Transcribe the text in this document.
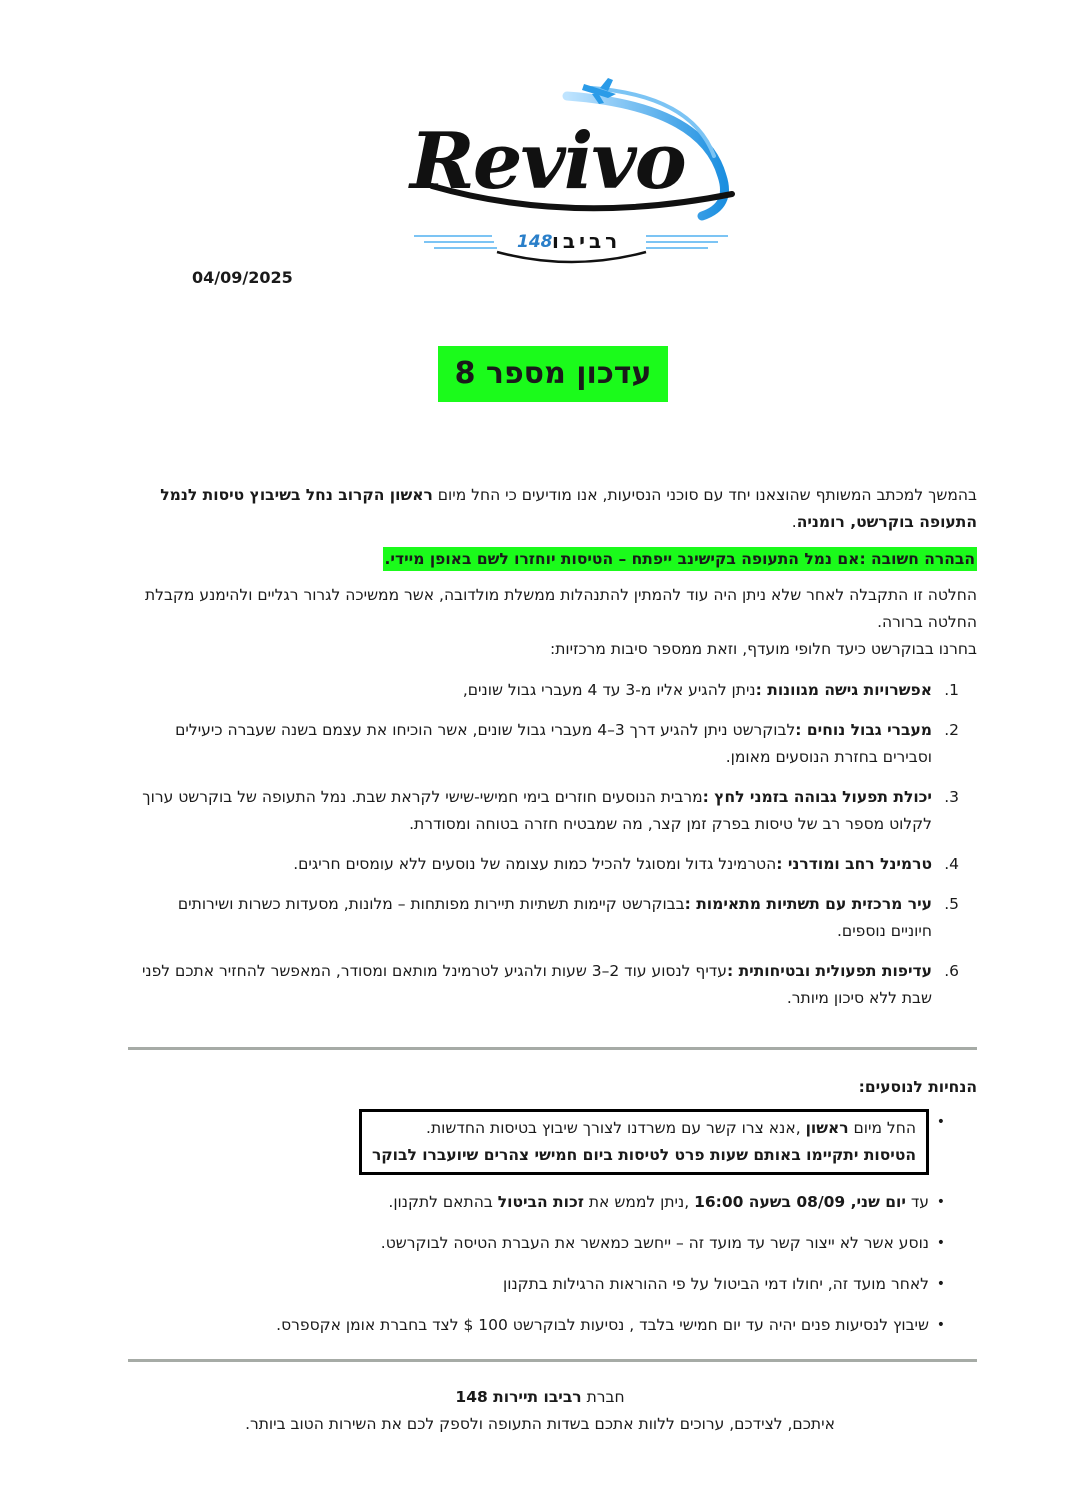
Revivo
148 רביבו
04/09/2025
עדכון מספר 8

בהמשך למכתב המשותף שהוצאנו יחד עם סוכני הנסיעות, אנו מודיעים כי החל מיום ראשון הקרוב נחל בשיבוץ טיסות לנמל התעופה בוקרשט, רומניה.

הבהרה חשובה :אם נמל התעופה בקישינב ייפתח – הטיסות יוחזרו לשם באופן מיידי.

החלטה זו התקבלה לאחר שלא ניתן היה עוד להמתין להתנהלות ממשלת מולדובה, אשר ממשיכה לגרור רגליים ולהימנע מקבלת החלטה ברורה.

בחרנו בבוקרשט כיעד חלופי מועדף, וזאת ממספר סיבות מרכזיות:

1.
אפשרויות גישה מגוונות :ניתן להגיע אליו מ-3 עד 4 מעברי גבול שונים,
2.
מעברי גבול נוחים :לבוקרשט ניתן להגיע דרך 3–4 מעברי גבול שונים, אשר הוכיחו את עצמם בשנה שעברה כיעילים וסבירים בחזרת הנוסעים מאומן.
3.
יכולת תפעול גבוהה בזמני לחץ :מרבית הנוסעים חוזרים בימי חמישי-שישי לקראת שבת. נמל התעופה של בוקרשט ערוך לקלוט מספר רב של טיסות בפרק זמן קצר, מה שמבטיח חזרה בטוחה ומסודרת.
4.
טרמינל רחב ומודרני :הטרמינל גדול ומסוגל להכיל כמות עצומה של נוסעים ללא עומסים חריגים.
5.
עיר מרכזית עם תשתיות מתאימות :בבוקרשט קיימות תשתיות תיירות מפותחות – מלונות, מסעדות כשרות ושירותים חיוניים נוספים.
6.
עדיפות תפעולית ובטיחותית :עדיף לנסוע עוד 2–3 שעות ולהגיע לטרמינל מותאם ומסודר, המאפשר להחזיר אתכם לפני שבת ללא סיכון מיותר.

הנחיות לנוסעים:

•
החל מיום ראשון ,אנא צרו קשר עם משרדנו לצורך שיבוץ בטיסות החדשות.
הטיסות יתקיימו באותם שעות פרט לטיסות ביום חמישי צהרים שיועברו לבוקר
•
עד יום שני, 08/09 בשעה 16:00 ,ניתן לממש את זכות הביטול בהתאם לתקנון.
•
נוסע אשר לא ייצור קשר עד מועד זה – ייחשב כמאשר את העברת הטיסה לבוקרשט.
•
לאחר מועד זה, יחולו דמי הביטול על פי ההוראות הרגילות בתקנון
•
שיבוץ לנסיעות פנים יהיה עד יום חמישי בלבד , נסיעות לבוקרשט 100 $ לצד בחברת אומן אקספרס.
חברת רביבו תיירות 148
איתכם, לצידכם, ערוכים ללוות אתכם בשדות התעופה ולספק לכם את השירות הטוב ביותר.
